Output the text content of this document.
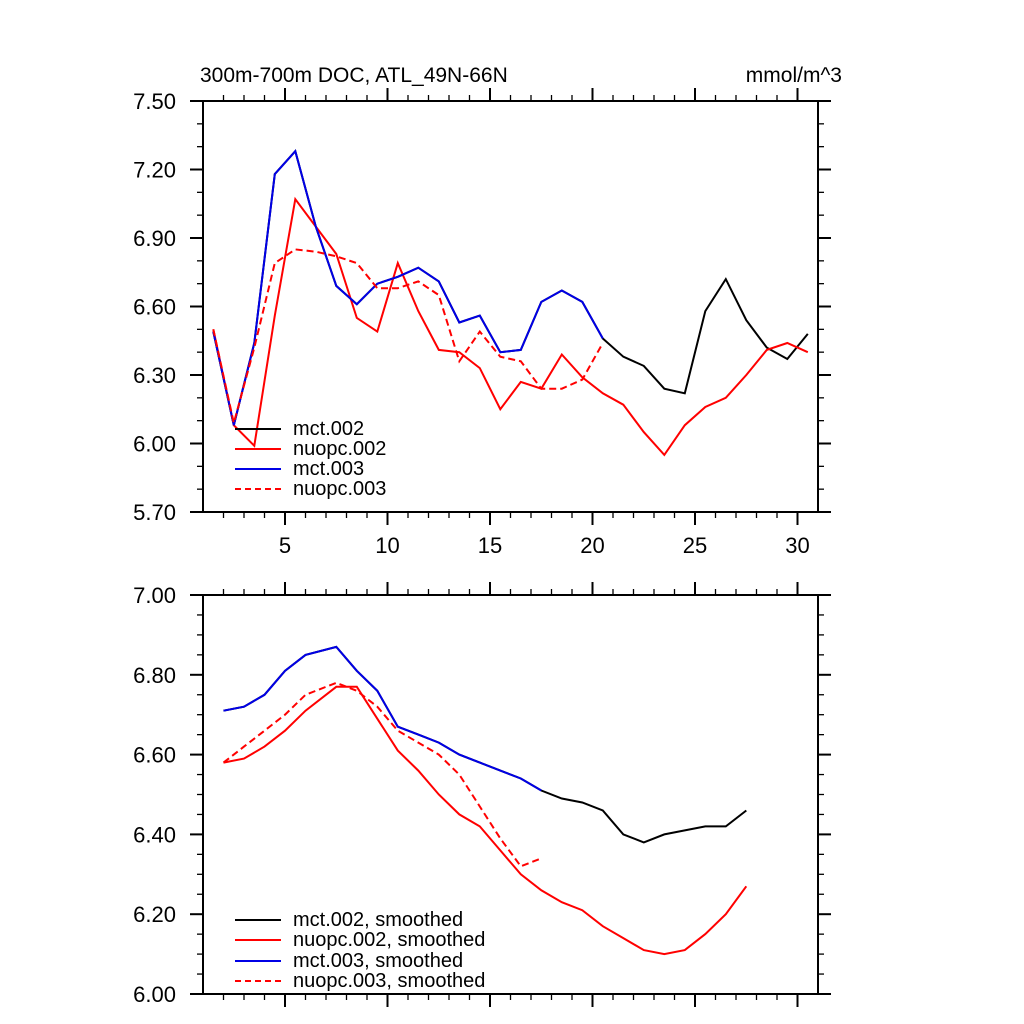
5	10	15	20	25	30
7.50
7.20
6.90
6.60
6.30
6.00
5.70
7.00
6.80
6.60
6.40
6.20
6.00
300m-700m DOC, ATL_49N-66N	mmol/m^3
mct.002
nuopc.002
mct.003
nuopc.003
mct.002, smoothed
nuopc.002, smoothed
mct.003, smoothed
nuopc.003, smoothed
